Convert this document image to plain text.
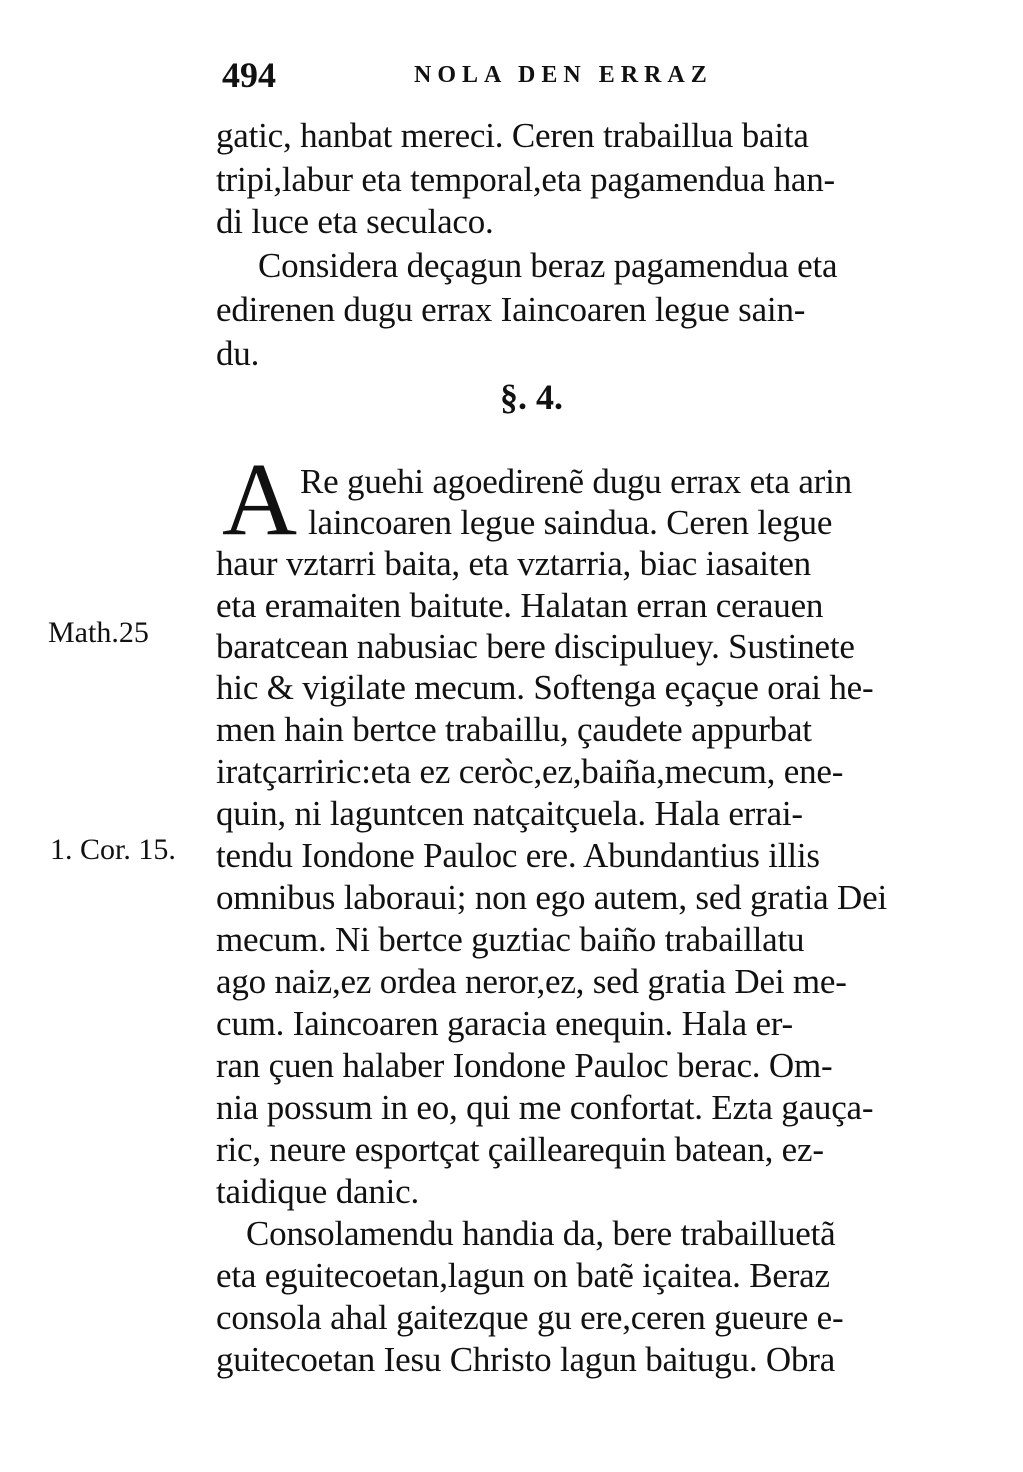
494	NOLA DEN ERRAZ
gatic, hanbat mereci. Ceren trabaillua baita
tripi,labur eta temporal,eta pagamendua han-
di luce eta seculaco.
Considera deçagun beraz pagamendua eta
edirenen dugu errax Iaincoaren legue sain-
du.
§. 4.
A Re guehi agoedirenẽ dugu errax eta arin
laincoaren legue saindua. Ceren legue
haur vztarri baita, eta vztarria, biac iasaiten
eta eramaiten baitute. Halatan erran cerauen
Math.25 baratcean nabusiac bere discipuluey. Sustinete
hic & vigilate mecum. Softenga eçaçue orai he-
men hain bertce trabaillu, çaudete appurbat
iratçarriric:eta ez ceròc,ez,baiña,mecum, ene-
quin, ni laguntcen natçaitçuela. Hala errai-
1. Cor. 15. tendu Iondone Pauloc ere. Abundantius illis
omnibus laboraui; non ego autem, sed gratia Dei
mecum. Ni bertce guztiac baiño trabaillatu
ago naiz,ez ordea neror,ez, sed gratia Dei me-
cum. Iaincoaren garacia enequin. Hala er-
ran çuen halaber Iondone Pauloc berac. Om-
nia possum in eo, qui me confortat. Ezta gauça-
ric, neure esportçat çaillearequin batean, ez-
taidique danic.
Consolamendu handia da, bere trabailluetã
eta eguitecoetan,lagun on batẽ içaitea. Beraz
consola ahal gaitezque gu ere,ceren gueure e-
guitecoetan Iesu Christo lagun baitugu. Obra
